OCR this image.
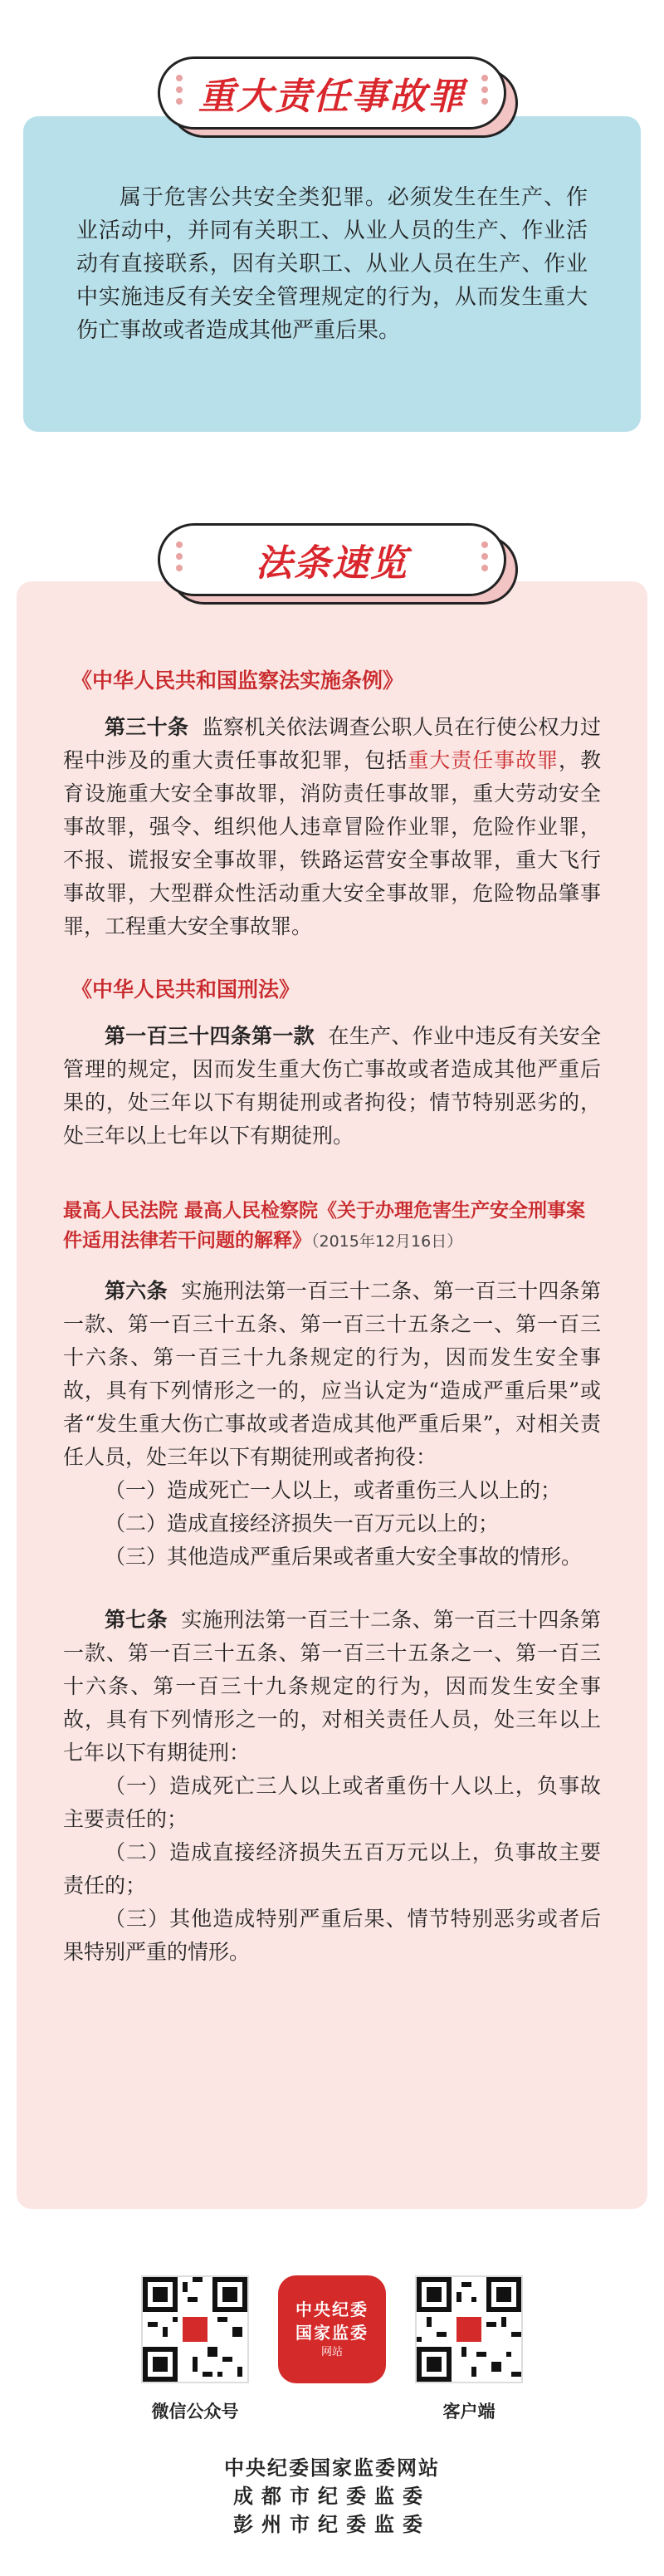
属于危害公共安全类犯罪。必须发生在生产、作业活动中，并同有关职工、从业人员的生产、作业活动有直接联系，因有关职工、从业人员在生产、作业中实施违反有关安全管理规定的行为，从而发生重大伤亡事故或者造成其他严重后果。

重大责任事故罪
《中华人民共和国监察法实施条例》

第三十条 监察机关依法调查公职人员在行使公权力过程中涉及的重大责任事故犯罪，包括重大责任事故罪，教育设施重大安全事故罪，消防责任事故罪，重大劳动安全事故罪，强令、组织他人违章冒险作业罪，危险作业罪，不报、谎报安全事故罪，铁路运营安全事故罪，重大飞行事故罪，大型群众性活动重大安全事故罪，危险物品肇事罪，工程重大安全事故罪。

《中华人民共和国刑法》

第一百三十四条第一款 在生产、作业中违反有关安全管理的规定，因而发生重大伤亡事故或者造成其他严重后果的，处三年以下有期徒刑或者拘役；情节特别恶劣的，处三年以上七年以下有期徒刑。

最高人民法院 最高人民检察院《关于办理危害生产安全刑事案件适用法律若干问题的解释》（2015年12月16日）

第六条 实施刑法第一百三十二条、第一百三十四条第一款、第一百三十五条、第一百三十五条之一、第一百三十六条、第一百三十九条规定的行为，因而发生安全事故，具有下列情形之一的，应当认定为“造成严重后果”或者“发生重大伤亡事故或者造成其他严重后果”，对相关责任人员，处三年以下有期徒刑或者拘役：

（一）造成死亡一人以上，或者重伤三人以上的；

（二）造成直接经济损失一百万元以上的；

（三）其他造成严重后果或者重大安全事故的情形。

第七条 实施刑法第一百三十二条、第一百三十四条第一款、第一百三十五条、第一百三十五条之一、第一百三十六条、第一百三十九条规定的行为，因而发生安全事故，具有下列情形之一的，对相关责任人员，处三年以上七年以下有期徒刑：

（一）造成死亡三人以上或者重伤十人以上，负事故主要责任的；

（二）造成直接经济损失五百万元以上，负事故主要责任的；

（三）其他造成特别严重后果、情节特别恶劣或者后果特别严重的情形。

法条速览
中央纪委
国家监委
网站
微信公众号	客户端
中央纪委国家监委网站
成都市纪委监委
彭州市纪委监委
